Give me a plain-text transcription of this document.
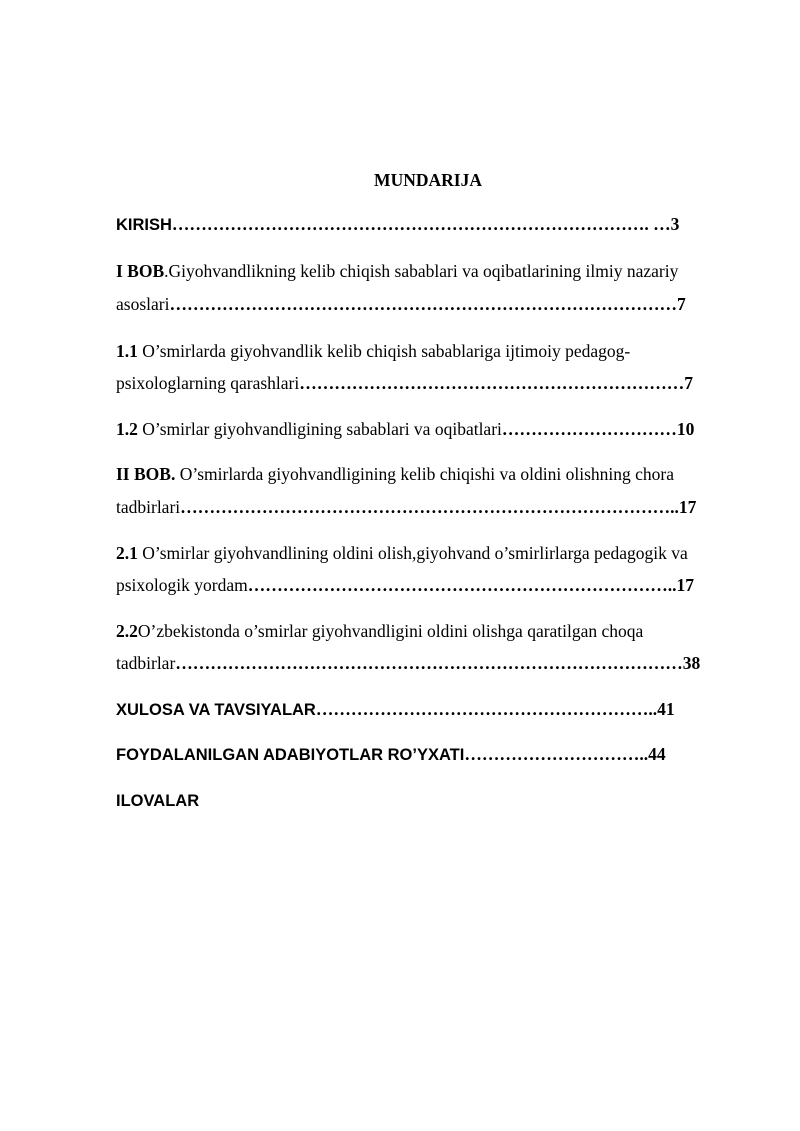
MUNDARIJA
KIRISH………………………………………………………………………. …3
I BOB.Giyohvandlikning kelib chiqish sabablari va oqibatlarining ilmiy nazariy
asoslari……………………………………………………………………………7
1.1 O’smirlarda giyohvandlik kelib chiqish sabablariga ijtimoiy pedagog-
psixologlarning qarashlari…………………………………………………………7
1.2 O’smirlar giyohvandligining sabablari va oqibatlari…………………………10
II BOB. O’smirlarda giyohvandligining kelib chiqishi va oldini olishning chora
tadbirlari…………………………………………………………………………..17
2.1 O’smirlar giyohvandlining oldini olish,giyohvand o’smirlirlarga pedagogik va
psixologik yordam………………………………………………………………..17
2.2O’zbekistonda o’smirlar giyohvandligini oldini olishga qaratilgan choqa
tadbirlar……………………………………………………………………………38
XULOSA VA TAVSIYALAR…………………………………………………..41
FOYDALANILGAN ADABIYOTLAR RO’YXATI…………………………..44
ILOVALAR
